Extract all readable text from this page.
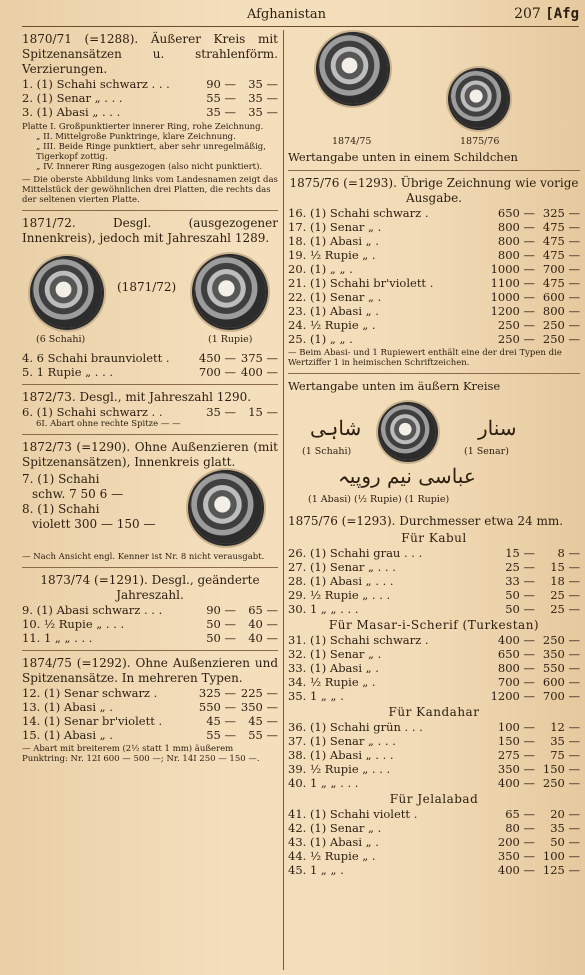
Afghanistan	207 [Afg

1870/71 (=1288). Äußerer Kreis mit Spitzenansätzen u. strahlenförm. Verzierungen.

1. (1) Schahi schwarz . . .	90 —	35 —
2. (1) Senar „ . . .	55 —	35 —
3. (1) Abasi „ . . .	35 —	35 —

Platte I. Großpunktierter innerer Ring, rohe Zeichnung.

„ II. Mittelgroße Punktringe, klare Zeichnung.

„ III. Beide Ringe punktiert, aber sehr unregelmäßig, Tigerkopf zottig.

„ IV. Innerer Ring ausgezogen (also nicht punktiert).

— Die oberste Abbildung links vom Landesnamen zeigt das Mittelstück der gewöhnlichen drei Platten, die rechts das der seltenen vierten Platte.

1871/72. Desgl. (ausgezogener Innenkreis), jedoch mit Jahreszahl 1289.

(6 Schahi)
(1871/72)
(1 Rupie)
4. 6 Schahi braunviolett .	450 — 375 —
5. 1 Rupie „ . . .	700 — 400 —

1872/73. Desgl., mit Jahreszahl 1290.

6. (1) Schahi schwarz . .	35 —	15 —

6I. Abart ohne rechte Spitze — —

1872/73 (=1290). Ohne Außenzieren (mit Spitzenansätzen), Innenkreis glatt.

7. (1) Schahi
schw. 7 50 6 —
8. (1) Schahi
violett 300 — 150 —

— Nach Ansicht engl. Kenner ist Nr. 8 nicht verausgabt.

1873/74 (=1291). Desgl., geänderte Jahreszahl.

9. (1) Abasi schwarz . . .	90 —	65 —
10. ½ Rupie „ . . .	50 —	40 —
11. 1 „ „ . . .	50 —	40 —

1874/75 (=1292). Ohne Außenzieren und Spitzenansätze. In mehreren Typen.

12. (1) Senar schwarz .	325 — 225 —
13. (1) Abasi „ .	550 — 350 —
14. (1) Senar br'violett .	45 —	45 —
15. (1) Abasi „ .	55 —	55 —

— Abart mit breiterem (2½ statt 1 mm) äußerem Punktring: Nr. 12I 600 — 500 —; Nr. 14I 250 — 150 —.

1874/75	1875/76

Wertangabe unten in einem Schildchen

1875/76 (=1293). Übrige Zeichnung wie vorige Ausgabe.

16. (1) Schahi schwarz .	650 — 325 —
17. (1) Senar „ .	800 — 475 —
18. (1) Abasi „ .	800 — 475 —
19. ½ Rupie „ .	800 — 475 —
20. (1) „ „ .	1000 — 700 —
21. (1) Schahi br'violett .	1100 — 475 —
22. (1) Senar „ .	1000 — 600 —
23. (1) Abasi „ .	1200 — 800 —
24. ½ Rupie „ .	250 — 250 —
25. (1) „ „ .	250 — 250 —

— Beim Abasi- und 1 Rupiewert enthält eine der drei Typen die Wertziffer 1 in heimischen Schriftzeichen.

Wertangabe unten im äußern Kreise

شاہی
(1 Schahi)
سنار
(1 Senar)
عباسی نیم روپیہ
(1 Abasi) (½ Rupie) (1 Rupie)

1875/76 (=1293). Durchmesser etwa 24 mm.

Für Kabul
26. (1) Schahi grau . . .	15 —	8 —
27. (1) Senar „ . . .	25 —	15 —
28. (1) Abasi „ . . .	33 —	18 —
29. ½ Rupie „ . . .	50 —	25 —
30. 1 „ „ . . .	50 —	25 —
Für Masar-i-Scherif (Turkestan)
31. (1) Schahi schwarz .	400 — 250 —
32. (1) Senar „ .	650 — 350 —
33. (1) Abasi „ .	800 — 550 —
34. ½ Rupie „ .	700 — 600 —
35. 1 „ „ .	1200 — 700 —
Für Kandahar
36. (1) Schahi grün . . .	100 —	12 —
37. (1) Senar „ . . .	150 —	35 —
38. (1) Abasi „ . . .	275 —	75 —
39. ½ Rupie „ . . .	350 — 150 —
40. 1 „ „ . . .	400 — 250 —
Für Jelalabad
41. (1) Schahi violett .	65 —	20 —
42. (1) Senar „ .	80 —	35 —
43. (1) Abasi „ .	200 —	50 —
44. ½ Rupie „ .	350 — 100 —
45. 1 „ „ .	400 — 125 —
